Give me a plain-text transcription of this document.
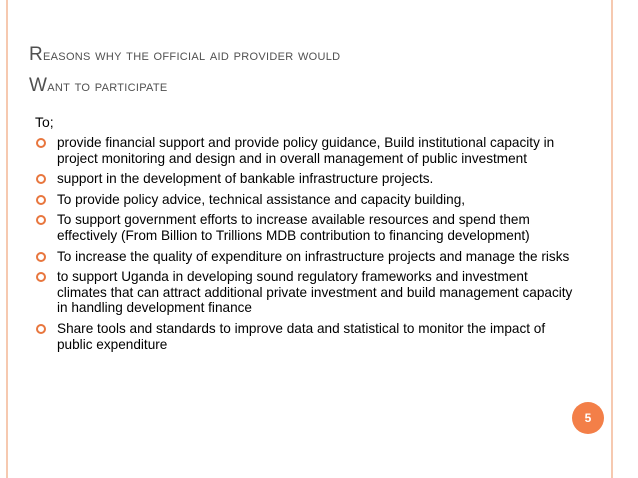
Reasons why the official aid provider would
Want to participate
To;
provide financial support and provide policy guidance, Build institutional capacity in project monitoring and design and in overall management of public investment
support in the development of bankable infrastructure projects.
To provide policy advice, technical assistance and capacity building,
To support government efforts to increase available resources and spend them effectively (From Billion to Trillions MDB contribution to financing development)
To increase the quality of expenditure on infrastructure projects and manage the risks
to support Uganda in developing sound regulatory frameworks and investment climates that can attract additional private investment and build management capacity in handling development finance
Share tools and standards to improve data and statistical to monitor the impact of public expenditure
5
